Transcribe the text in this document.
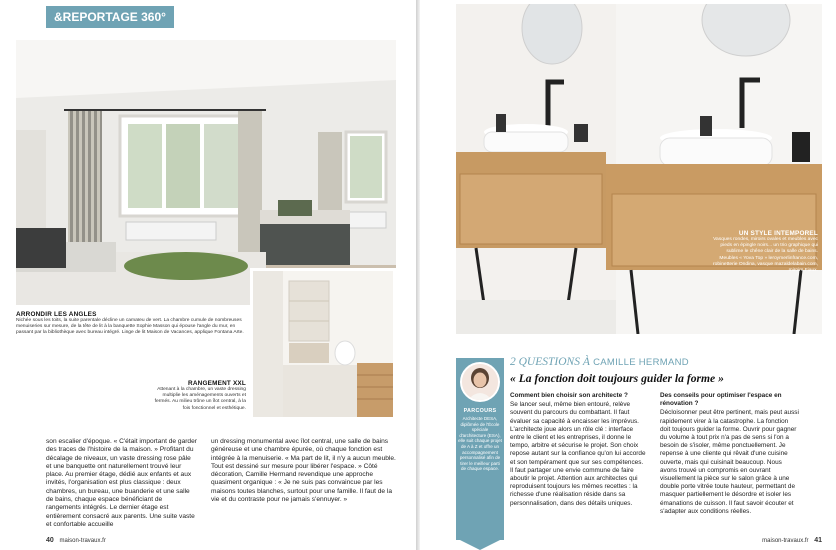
&REPORTAGE 360°
ARRONDIR LES ANGLES
Nichée sous les toits, la suite parentale décline un camaïeu de vert. La chambre cumule de nombreuses menuiseries sur mesure, de la tête de lit à la banquette Sophie Masson qui épouse l'angle du mur, en passant par la bibliothèque avec bureau intégré. Linge de lit Maison de Vacances, applique Fontana Arte.
RANGEMENT XXL
Attenant à la chambre, un vaste dressing multiplie les aménagements ouverts et fermés. Au milieu trône un îlot central, à la fois fonctionnel et esthétique.
son escalier d'époque. « C'était important de garder des traces de l'histoire de la maison. » Profitant du décalage de niveaux, un vaste dressing rose pâle et une banquette ont naturellement trouvé leur place. Au premier étage, dédié aux enfants et aux invités, l'organisation est plus classique : deux chambres, un bureau, une buanderie et une salle de bains, chaque espace bénéficiant de rangements intégrés. Le dernier étage est entièrement consacré aux parents. Une suite vaste et confortable accueille
un dressing monumental avec îlot central, une salle de bains généreuse et une chambre épurée, où chaque fonction est intégrée à la menuiserie. « Ma part de lit, il n'y a aucun meuble. Tout est dessiné sur mesure pour libérer l'espace. » Côté décoration, Camille Hermand revendique une approche quasiment organique : « Je ne suis pas convaincue par les maisons toutes blanches, surtout pour une famille. Il faut de la vie et du contraste pour ne jamais s'ennuyer. »
40 maison-travaux.fr
UN STYLE INTEMPOREL
Vasques rondes, miroirs ovales et meubles avec pieds en épingle noirs... un trio graphique qui sublime le chêne clair de la salle de bains. Meubles « Yova Top » leroymerlinfrance.com, robinetterie Ondina, vasque mazaldelabain.com, miroirs Fiaux.
2 QUESTIONS À CAMILLE HERMAND
« La fonction doit toujours guider la forme »
PARCOURS
Architecte DESA, diplômée de l'École spéciale d'architecture (ESA), elle suit chaque projet de A à Z et offre un accompagnement personnalisé afin de tirer le meilleur parti de chaque espace.
Comment bien choisir son architecte ?
Se lancer seul, même bien entouré, relève souvent du parcours du combattant. Il faut évaluer sa capacité à encaisser les imprévus. L'architecte joue alors un rôle clé : interface entre le client et les entreprises, il donne le tempo, arbitre et sécurise le projet. Son choix repose autant sur la confiance qu'on lui accorde et son tempérament que sur ses compétences. Il faut partager une envie commune de faire aboutir le projet. Attention aux architectes qui reproduisent toujours les mêmes recettes : la richesse d'une réalisation réside dans sa personnalisation, dans des détails uniques.
Des conseils pour optimiser l'espace en rénovation ?
Décloisonner peut être pertinent, mais peut aussi rapidement virer à la catastrophe. La fonction doit toujours guider la forme. Ouvrir pour gagner du volume à tout prix n'a pas de sens si l'on a besoin de s'isoler, même ponctuellement. Je repense à une cliente qui rêvait d'une cuisine ouverte, mais qui cuisinait beaucoup. Nous avons trouvé un compromis en ouvrant visuellement la pièce sur le salon grâce à une double porte vitrée toute hauteur, permettant de masquer partiellement le désordre et isoler les émanations de cuisson. Il faut savoir écouter et s'adapter aux conditions réelles.
maison-travaux.fr 41
